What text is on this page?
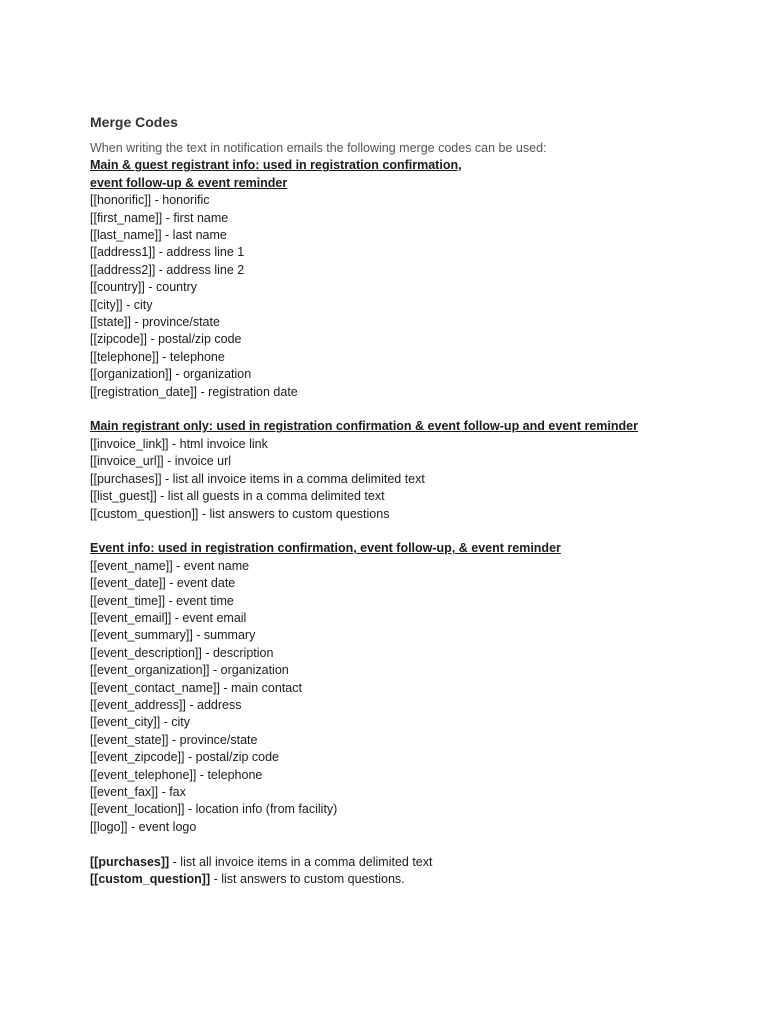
Merge Codes
When writing the text in notification emails the following merge codes can be used:
Main & guest registrant info: used in registration confirmation,
event follow-up & event reminder
[[honorific]] - honorific
[[first_name]] - first name
[[last_name]] - last name
[[address1]] - address line 1
[[address2]] - address line 2
[[country]] - country
[[city]] - city
[[state]] - province/state
[[zipcode]] - postal/zip code
[[telephone]] - telephone
[[organization]] - organization
[[registration_date]] - registration date
Main registrant only: used in registration confirmation & event follow-up and event reminder
[[invoice_link]] - html invoice link
[[invoice_url]] - invoice url
[[purchases]] - list all invoice items in a comma delimited text
[[list_guest]] - list all guests in a comma delimited text
[[custom_question]] - list answers to custom questions
Event info: used in registration confirmation, event follow-up, & event reminder
[[event_name]] - event name
[[event_date]] - event date
[[event_time]] - event time
[[event_email]] - event email
[[event_summary]] - summary
[[event_description]] - description
[[event_organization]] - organization
[[event_contact_name]] - main contact
[[event_address]] - address
[[event_city]] - city
[[event_state]] - province/state
[[event_zipcode]] - postal/zip code
[[event_telephone]] - telephone
[[event_fax]] - fax
[[event_location]] - location info (from facility)
[[logo]] - event logo
[[purchases]] - list all invoice items in a comma delimited text
[[custom_question]] - list answers to custom questions.
